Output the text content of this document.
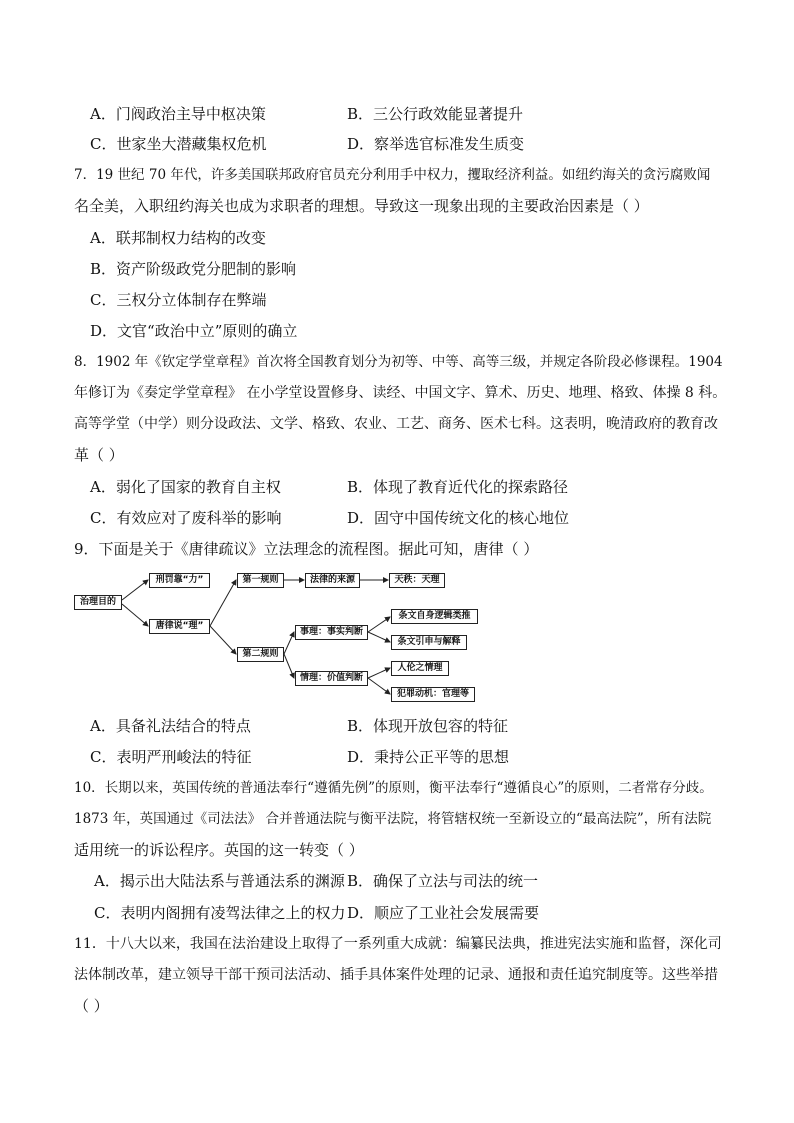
A．门阀政治主导中枢决策	B．三公行政效能显著提升
C．世家坐大潜藏集权危机	D．察举选官标准发生质变
7．19 世纪 70 年代，许多美国联邦政府官员充分利用手中权力，攫取经济利益。如纽约海关的贪污腐败闻
名全美，入职纽约海关也成为求职者的理想。导致这一现象出现的主要政治因素是（ ）
A．联邦制权力结构的改变
B．资产阶级政党分肥制的影响
C．三权分立体制存在弊端
D．文官“政治中立”原则的确立
8．1902 年《钦定学堂章程》首次将全国教育划分为初等、中等、高等三级，并规定各阶段必修课程。1904
年修订为《奏定学堂章程》 在小学堂设置修身、读经、中国文字、算术、历史、地理、格致、体操 8 科。
高等学堂（中学）则分设政法、文学、格致、农业、工艺、商务、医术七科。这表明，晚清政府的教育改
革（ ）
A．弱化了国家的教育自主权	B．体现了教育近代化的探索路径
C．有效应对了废科举的影响	D．固守中国传统文化的核心地位
9．下面是关于《唐律疏议》立法理念的流程图。据此可知，唐律（ ）
治理目的
刑罚靠“力”
唐律说“理”
第一规则
第二规则
法律的来源	天秩：天理
事理：事实判断
情理：价值判断
条文自身逻辑类推
条文引申与解释
人伦之情理
犯罪动机：官理等
A．具备礼法结合的特点	B．体现开放包容的特征
C．表明严刑峻法的特征	D．秉持公正平等的思想
10．长期以来，英国传统的普通法奉行“遵循先例”的原则，衡平法奉行“遵循良心”的原则，二者常存分歧。
1873 年，英国通过《司法法》 合并普通法院与衡平法院，将管辖权统一至新设立的“最高法院”，所有法院
适用统一的诉讼程序。英国的这一转变（ ）
A．揭示出大陆法系与普通法系的渊源 B．确保了立法与司法的统一
C．表明内阁拥有凌驾法律之上的权力 D．顺应了工业社会发展需要
11．十八大以来，我国在法治建设上取得了一系列重大成就：编纂民法典，推进宪法实施和监督，深化司
法体制改革，建立领导干部干预司法活动、插手具体案件处理的记录、通报和责任追究制度等。这些举措
（ ）
